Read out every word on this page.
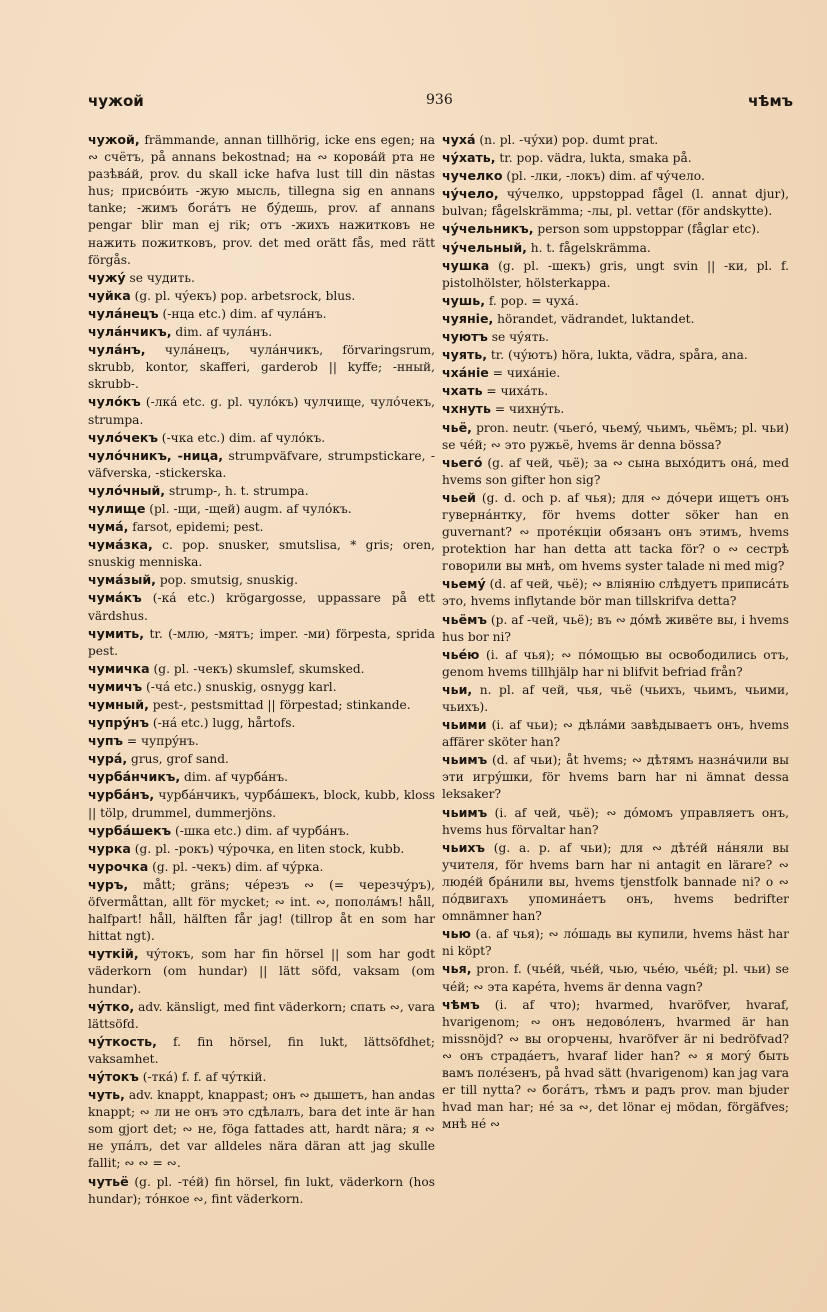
чужой	936	чѣмъ

чужой, främmande, annan tillhörig, icke ens egen; на ∾ счётъ, på annans bekostnad; на ∾ коровáй рта не разѣвáй, prov. du skall icke hafva lust till din nästas hus; присвóить -жую мысль, tillegna sig en annans tanke; -жимъ богáтъ не бýдешь, prov. af annans pengar blir man ej rik; отъ -жихъ нажитковъ не нажить пожитковъ, prov. det med orätt fås, med rätt förgås.

чужý se чудить.

чуйка (g. pl. чýекъ) pop. arbetsrock, blus.

чулáнецъ (-нца etc.) dim. af чулáнъ.

чулáнчикъ, dim. af чулáнъ.

чулáнъ, чулáнецъ, чулáнчикъ, förvaringsrum, skrubb, kontor, skafferi, garderob || kyffe; -нный, skrubb-.

чулóкъ (-лкá etc. g. pl. чулóкъ) чулчище, чулóчекъ, strumpa.

чулóчекъ (-чка etc.) dim. af чулóкъ.

чулóчникъ, -ница, strumpväfvare, strumpstickare, -väfverska, -stickerska.

чулóчный, strump-, h. t. strumpa.

чулище (pl. -щи, -щей) augm. af чулóкъ.

чумá, farsot, epidemi; pest.

чумáзка, c. pop. snusker, smutslisa, * gris; oren, snuskig menniska.

чумáзый, pop. smutsig, snuskig.

чумáкъ (-кá etc.) krögargosse, uppassare på ett värdshus.

чумить, tr. (-млю, -мятъ; imper. -ми) förpesta, sprida pest.

чумичка (g. pl. -чекъ) skumslef, skumsked.

чумичъ (-чá etc.) snuskig, osnygg karl.

чумный, pest-, pestsmittad || förpestad; stinkande.

чупрýнъ (-нá etc.) lugg, hårtofs.

чупъ = чупрýнъ.

чурá, grus, grof sand.

чурбáнчикъ, dim. af чурбáнъ.

чурбáнъ, чурбáнчикъ, чурбáшекъ, block, kubb, kloss || tölp, drummel, dummerjöns.

чурбáшекъ (-шка etc.) dim. af чурбáнъ.

чурка (g. pl. -рокъ) чýрочка, en liten stock, kubb.

чурочка (g. pl. -чекъ) dim. af чýрка.

чуръ, mått; gräns; чéрезъ ∾ (= черезчýръ), öfvermåttan, allt för mycket; ∾ int. ∾, пополáмъ! håll, halfpart! håll, hälften får jag! (tillrop åt en som har hittat ngt).

чуткiй, чýтокъ, som har fin hörsel || som har godt väderkorn (om hundar) || lätt söfd, vaksam (om hundar).

чýтко, adv. känsligt, med fint väderkorn; спать ∾, vara lättsöfd.

чýткость, f. fin hörsel, fin lukt, lättsöfdhet; vaksamhet.

чýтокъ (-ткá) f. f. af чýткiй.

чуть, adv. knappt, knappast; онъ ∾ дышетъ, han andas knappt; ∾ ли не онъ это сдѣлалъ, bara det inte är han som gjort det; ∾ не, föga fattades att, hardt nära; я ∾ не упáлъ, det var alldeles nära däran att jag skulle fallit; ∾ ∾ = ∾.

чутьё (g. pl. -тéй) fin hörsel, fin lukt, väderkorn (hos hundar); тóнкое ∾, fint väderkorn.

чухá (n. pl. -чýхи) pop. dumt prat.

чýхать, tr. pop. vädra, lukta, smaka på.

чучелко (pl. -лки, -локъ) dim. af чýчело.

чýчело, чýчелко, uppstoppad fågel (l. annat djur), bulvan; fågelskrämma; -лы, pl. vettar (för andskytte).

чýчельникъ, person som uppstoppar (fåglar etc).

чýчельный, h. t. fågelskrämma.

чушка (g. pl. -шекъ) gris, ungt svin || -ки, pl. f. pistolhölster, hölsterkappa.

чушь, f. pop. = чухá.

чуянiе, hörandet, vädrandet, luktandet.

чуютъ se чýять.

чуять, tr. (чýютъ) höra, lukta, vädra, spåra, ana.

чхáнiе = чихáнiе.

чхать = чихáть.

чхнуть = чихнýть.

чьё, pron. neutr. (чьегó, чьемý, чьимъ, чьёмъ; pl. чьи) se чéй; ∾ это ружьё, hvems är denna bössa?

чьегó (g. af чей, чьё); за ∾ сына выхóдитъ онá, med hvems son gifter hon sig?

чьей (g. d. och p. af чья); для ∾ дóчери ищетъ онъ гувернáнтку, för hvems dotter söker han en guvernant? ∾ протéкцiи обязанъ онъ этимъ, hvems protektion har han detta att tacka för? о ∾ сестрѣ говорили вы мнѣ, om hvems syster talade ni med mig?

чьемý (d. af чей, чьё); ∾ влiянiю слѣдуетъ приписáть это, hvems inflytande bör man tillskrifva detta?

чьёмъ (p. af -чей, чьё); въ ∾ дóмѣ живёте вы, i hvems hus bor ni?

чьéю (i. af чья); ∾ пóмощью вы освободились отъ, genom hvems tillhjälp har ni blifvit befriad från?

чьи, n. pl. af чей, чья, чьё (чьихъ, чьимъ, чьими, чьихъ).

чьими (i. af чьи); ∾ дѣлáми завѣдываетъ онъ, hvems affärer sköter han?

чьимъ (d. af чьи); åt hvems; ∾ дѣтямъ назнáчили вы эти игрýшки, för hvems barn har ni ämnat dessa leksaker?

чьимъ (i. af чей, чьё); ∾ дóмомъ управляетъ онъ, hvems hus förvaltar han?

чьихъ (g. a. p. af чьи); для ∾ дѣтéй нáняли вы учителя, för hvems barn har ni antagit en lärare? ∾ людéй брáнили вы, hvems tjenstfolk bannade ni? о ∾ пóдвигахъ упоминáетъ онъ, hvems bedrifter omnämner han?

чью (a. af чья); ∾ лóшадь вы купили, hvems häst har ni köpt?

чья, pron. f. (чьéй, чьéй, чью, чьéю, чьéй; pl. чьи) se чéй; ∾ эта карéта, hvems är denna vagn?

чѣмъ (i. af что); hvarmed, hvaröfver, hvaraf, hvarigenom; ∾ онъ недовóленъ, hvarmed är han missnöjd? ∾ вы огорчены, hvaröfver är ni bedröfvad? ∾ онъ страдáетъ, hvaraf lider han? ∾ я могý быть вамъ полéзенъ, på hvad sätt (hvarigenom) kan jag vara er till nytta? ∾ богáтъ, тѣмъ и радъ prov. man bjuder hvad man har; нé за ∾, det lönar ej mödan, förgäfves; мнѣ нé ∾
